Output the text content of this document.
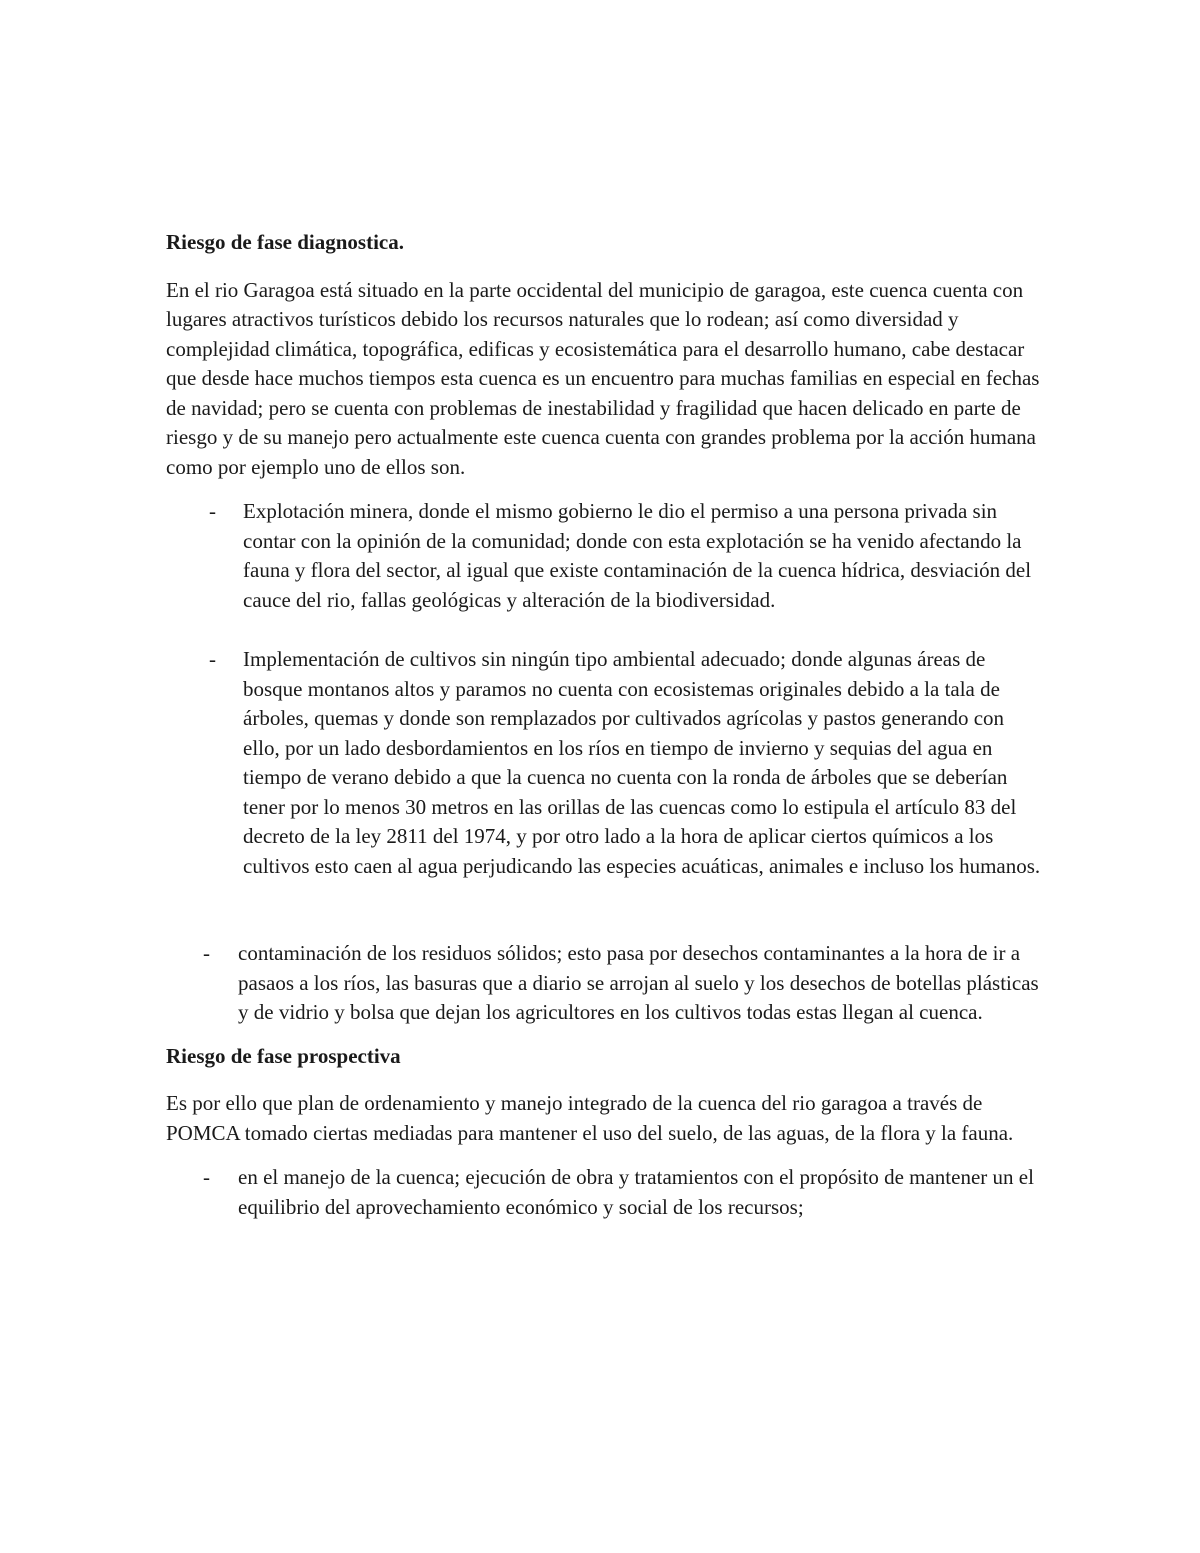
Riesgo de fase diagnostica.

En el rio Garagoa está situado en la parte occidental del municipio de garagoa, este cuenca cuenta con lugares atractivos turísticos debido los recursos naturales que lo rodean; así como diversidad y complejidad climática, topográfica, edificas y ecosistemática para el desarrollo humano, cabe destacar que desde hace muchos tiempos esta cuenca es un encuentro para muchas familias en especial en fechas de navidad; pero se cuenta con problemas de inestabilidad y fragilidad que hacen delicado en parte de riesgo y de su manejo pero actualmente este cuenca cuenta con grandes problema por la acción humana como por ejemplo uno de ellos son.

- Explotación minera, donde el mismo gobierno le dio el permiso a una persona privada sin contar con la opinión de la comunidad; donde con esta explotación se ha venido afectando la fauna y flora del sector, al igual que existe contaminación de la cuenca hídrica, desviación del cauce del rio, fallas geológicas y alteración de la biodiversidad.
- Implementación de cultivos sin ningún tipo ambiental adecuado; donde algunas áreas de bosque montanos altos y paramos no cuenta con ecosistemas originales debido a la tala de árboles, quemas y donde son remplazados por cultivados agrícolas y pastos generando con ello, por un lado desbordamientos en los ríos en tiempo de invierno y sequias del agua en tiempo de verano debido a que la cuenca no cuenta con la ronda de árboles que se deberían tener por lo menos 30 metros en las orillas de las cuencas como lo estipula el artículo 83 del decreto de la ley 2811 del 1974, y por otro lado a la hora de aplicar ciertos químicos a los cultivos esto caen al agua perjudicando las especies acuáticas, animales e incluso los humanos.
- contaminación de los residuos sólidos; esto pasa por desechos contaminantes a la hora de ir a pasaos a los ríos, las basuras que a diario se arrojan al suelo y los desechos de botellas plásticas y de vidrio y bolsa que dejan los agricultores en los cultivos todas estas llegan al cuenca.
Riesgo de fase prospectiva

Es por ello que plan de ordenamiento y manejo integrado de la cuenca del rio garagoa a través de POMCA tomado ciertas mediadas para mantener el uso del suelo, de las aguas, de la flora y la fauna.

- en el manejo de la cuenca; ejecución de obra y tratamientos con el propósito de mantener un el equilibrio del aprovechamiento económico y social de los recursos;
